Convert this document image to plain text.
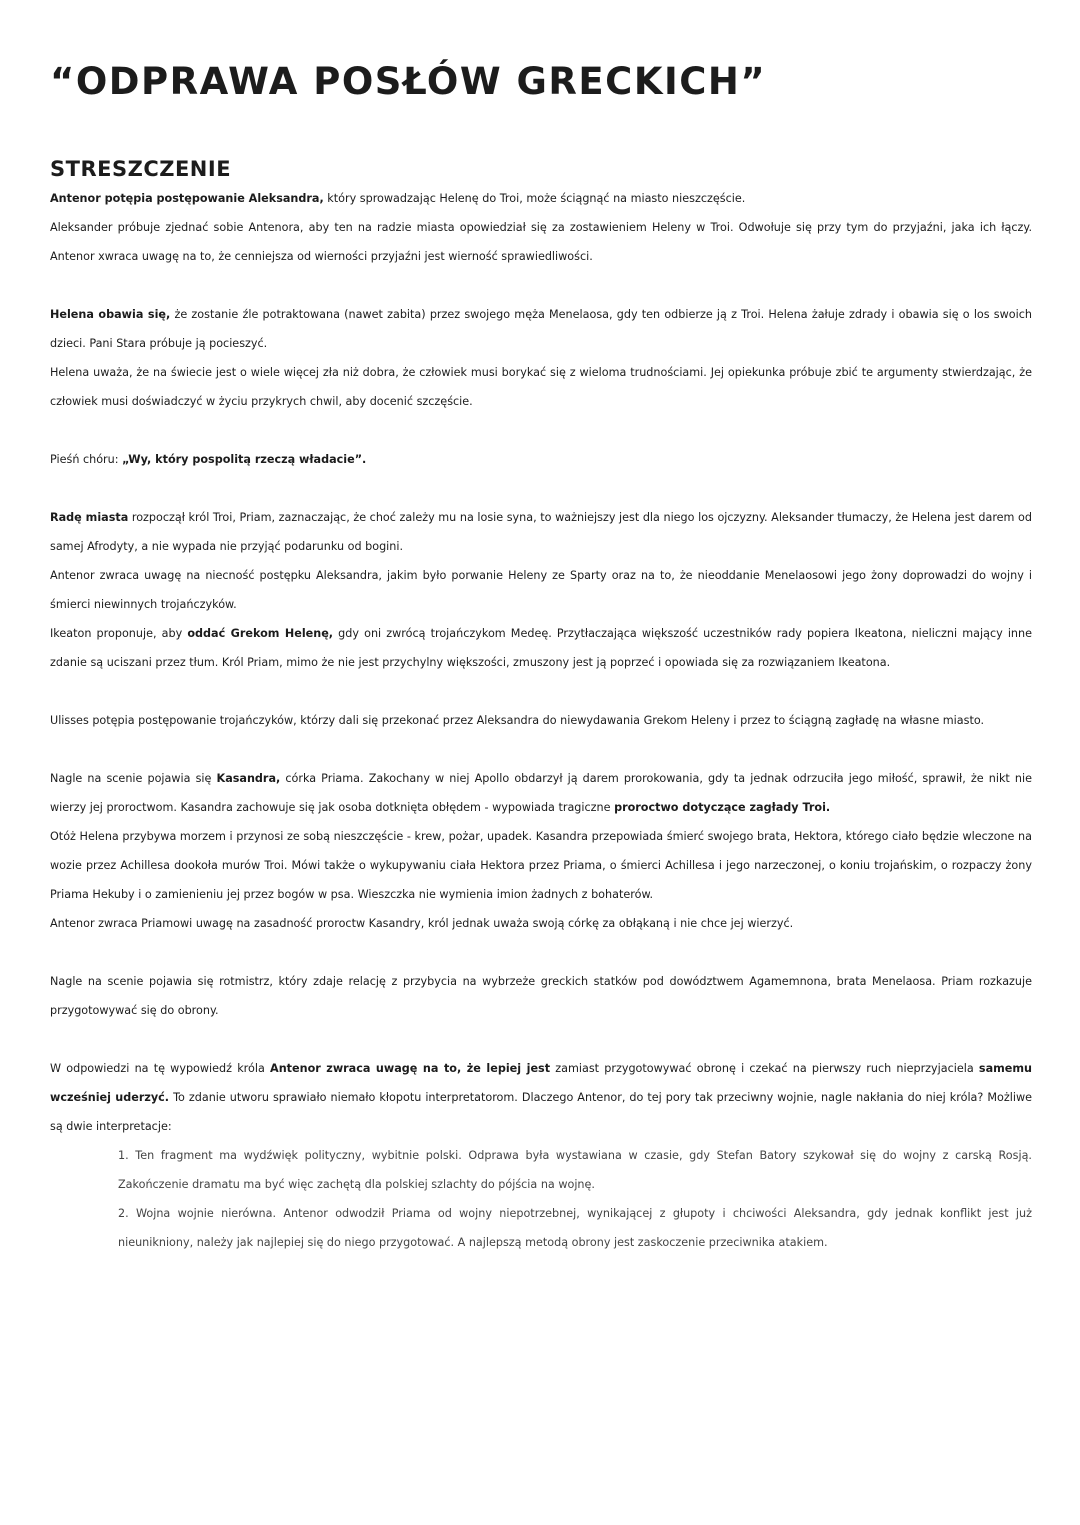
“ODPRAWA POSŁÓW GRECKICH”
STRESZCZENIE

Antenor potępia postępowanie Aleksandra, który sprowadzając Helenę do Troi, może ściągnąć na miasto nieszczęście.

Aleksander próbuje zjednać sobie Antenora, aby ten na radzie miasta opowiedział się za zostawieniem Heleny w Troi. Odwołuje się przy tym do przyjaźni, jaka ich łączy. Antenor xwraca uwagę na to, że cenniejsza od wierności przyjaźni jest wierność sprawiedliwości.

Helena obawia się, że zostanie źle potraktowana (nawet zabita) przez swojego męża Menelaosa, gdy ten odbierze ją z Troi. Helena żałuje zdrady i obawia się o los swoich dzieci. Pani Stara próbuje ją pocieszyć.

Helena uważa, że na świecie jest o wiele więcej zła niż dobra, że człowiek musi borykać się z wieloma trudnościami. Jej opiekunka próbuje zbić te argumenty stwierdzając, że człowiek musi doświadczyć w życiu przykrych chwil, aby docenić szczęście.

Pieśń chóru: „Wy, który pospolitą rzeczą władacie”.

Radę miasta rozpoczął król Troi, Priam, zaznaczając, że choć zależy mu na losie syna, to ważniejszy jest dla niego los ojczyzny. Aleksander tłumaczy, że Helena jest darem od samej Afrodyty, a nie wypada nie przyjąć podarunku od bogini.

Antenor zwraca uwagę na niecność postępku Aleksandra, jakim było porwanie Heleny ze Sparty oraz na to, że nieoddanie Menelaosowi jego żony doprowadzi do wojny i śmierci niewinnych trojańczyków.

Ikeaton proponuje, aby oddać Grekom Helenę, gdy oni zwrócą trojańczykom Medeę. Przytłaczająca większość uczestników rady popiera Ikeatona, nieliczni mający inne zdanie są uciszani przez tłum. Król Priam, mimo że nie jest przychylny większości, zmuszony jest ją poprzeć i opowiada się za rozwiązaniem Ikeatona.

Ulisses potępia postępowanie trojańczyków, którzy dali się przekonać przez Aleksandra do niewydawania Grekom Heleny i przez to ściągną zagładę na własne miasto.

Nagle na scenie pojawia się Kasandra, córka Priama. Zakochany w niej Apollo obdarzył ją darem prorokowania, gdy ta jednak odrzuciła jego miłość, sprawił, że nikt nie wierzy jej proroctwom. Kasandra zachowuje się jak osoba dotknięta obłędem - wypowiada tragiczne proroctwo dotyczące zagłady Troi.

Otóż Helena przybywa morzem i przynosi ze sobą nieszczęście - krew, pożar, upadek. Kasandra przepowiada śmierć swojego brata, Hektora, którego ciało będzie wleczone na wozie przez Achillesa dookoła murów Troi. Mówi także o wykupywaniu ciała Hektora przez Priama, o śmierci Achillesa i jego narzeczonej, o koniu trojańskim, o rozpaczy żony Priama Hekuby i o zamienieniu jej przez bogów w psa. Wieszczka nie wymienia imion żadnych z bohaterów.

Antenor zwraca Priamowi uwagę na zasadność proroctw Kasandry, król jednak uważa swoją córkę za obłąkaną i nie chce jej wierzyć.

Nagle na scenie pojawia się rotmistrz, który zdaje relację z przybycia na wybrzeże greckich statków pod dowództwem Agamemnona, brata Menelaosa. Priam rozkazuje przygotowywać się do obrony.

W odpowiedzi na tę wypowiedź króla Antenor zwraca uwagę na to, że lepiej jest zamiast przygotowywać obronę i czekać na pierwszy ruch nieprzyjaciela samemu wcześniej uderzyć. To zdanie utworu sprawiało niemało kłopotu interpretatorom. Dlaczego Antenor, do tej pory tak przeciwny wojnie, nagle nakłania do niej króla? Możliwe są dwie interpretacje:

1. Ten fragment ma wydźwięk polityczny, wybitnie polski. Odprawa była wystawiana w czasie, gdy Stefan Batory szykował się do wojny z carską Rosją. Zakończenie dramatu ma być więc zachętą dla polskiej szlachty do pójścia na wojnę.

2. Wojna wojnie nierówna. Antenor odwodził Priama od wojny niepotrzebnej, wynikającej z głupoty i chciwości Aleksandra, gdy jednak konflikt jest już nieunikniony, należy jak najlepiej się do niego przygotować. A najlepszą metodą obrony jest zaskoczenie przeciwnika atakiem.
